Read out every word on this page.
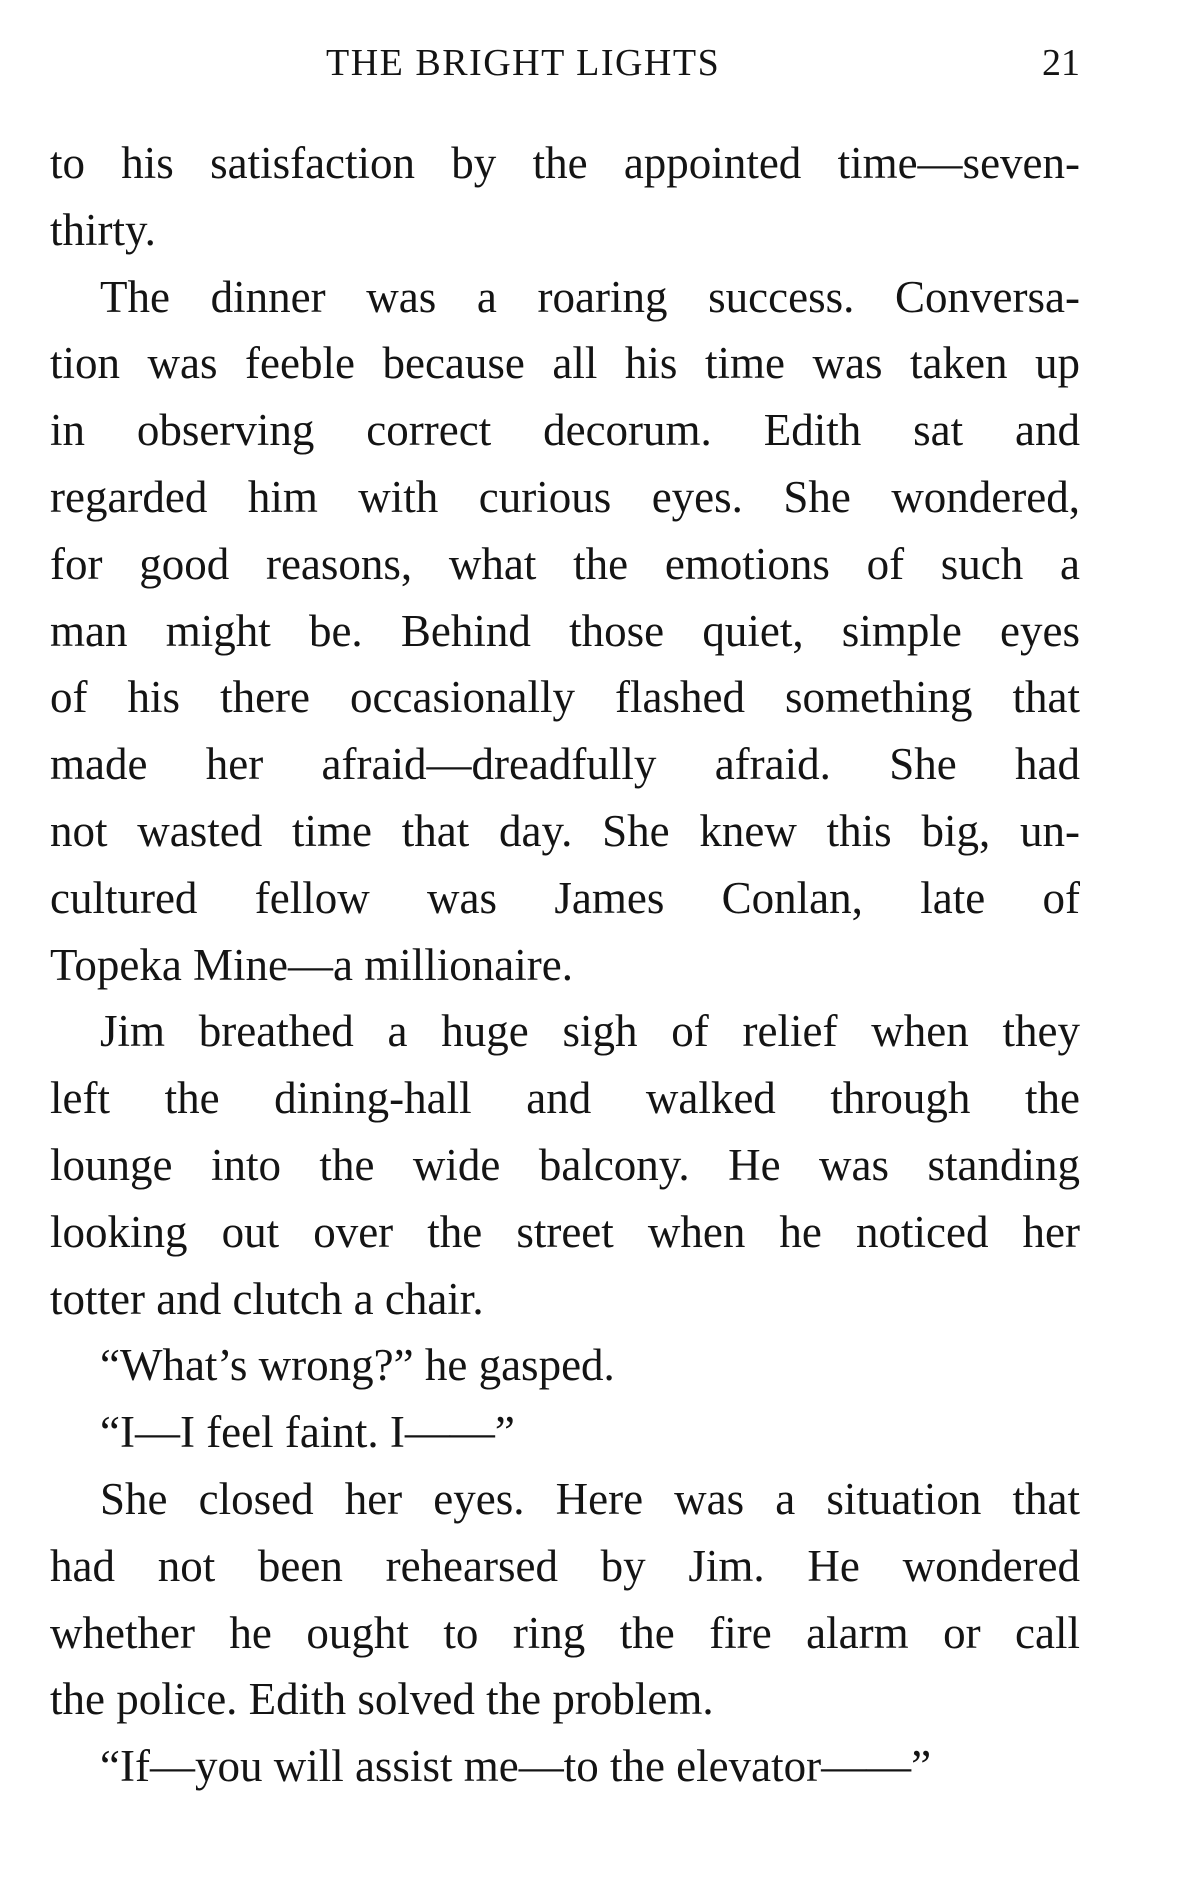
THE BRIGHT LIGHTS	21
to his satisfaction by the appointed time—seven-
thirty.
The dinner was a roaring success. Conversa-
tion was feeble because all his time was taken up
in observing correct decorum. Edith sat and
regarded him with curious eyes. She wondered,
for good reasons, what the emotions of such a
man might be. Behind those quiet, simple eyes
of his there occasionally flashed something that
made her afraid—dreadfully afraid. She had
not wasted time that day. She knew this big, un-
cultured fellow was James Conlan, late of
Topeka Mine—a millionaire.
Jim breathed a huge sigh of relief when they
left the dining-hall and walked through the
lounge into the wide balcony. He was standing
looking out over the street when he noticed her
totter and clutch a chair.
“What’s wrong?” he gasped.
“I—I feel faint. I——”
She closed her eyes. Here was a situation that
had not been rehearsed by Jim. He wondered
whether he ought to ring the fire alarm or call
the police. Edith solved the problem.
“If—you will assist me—to the elevator——”
